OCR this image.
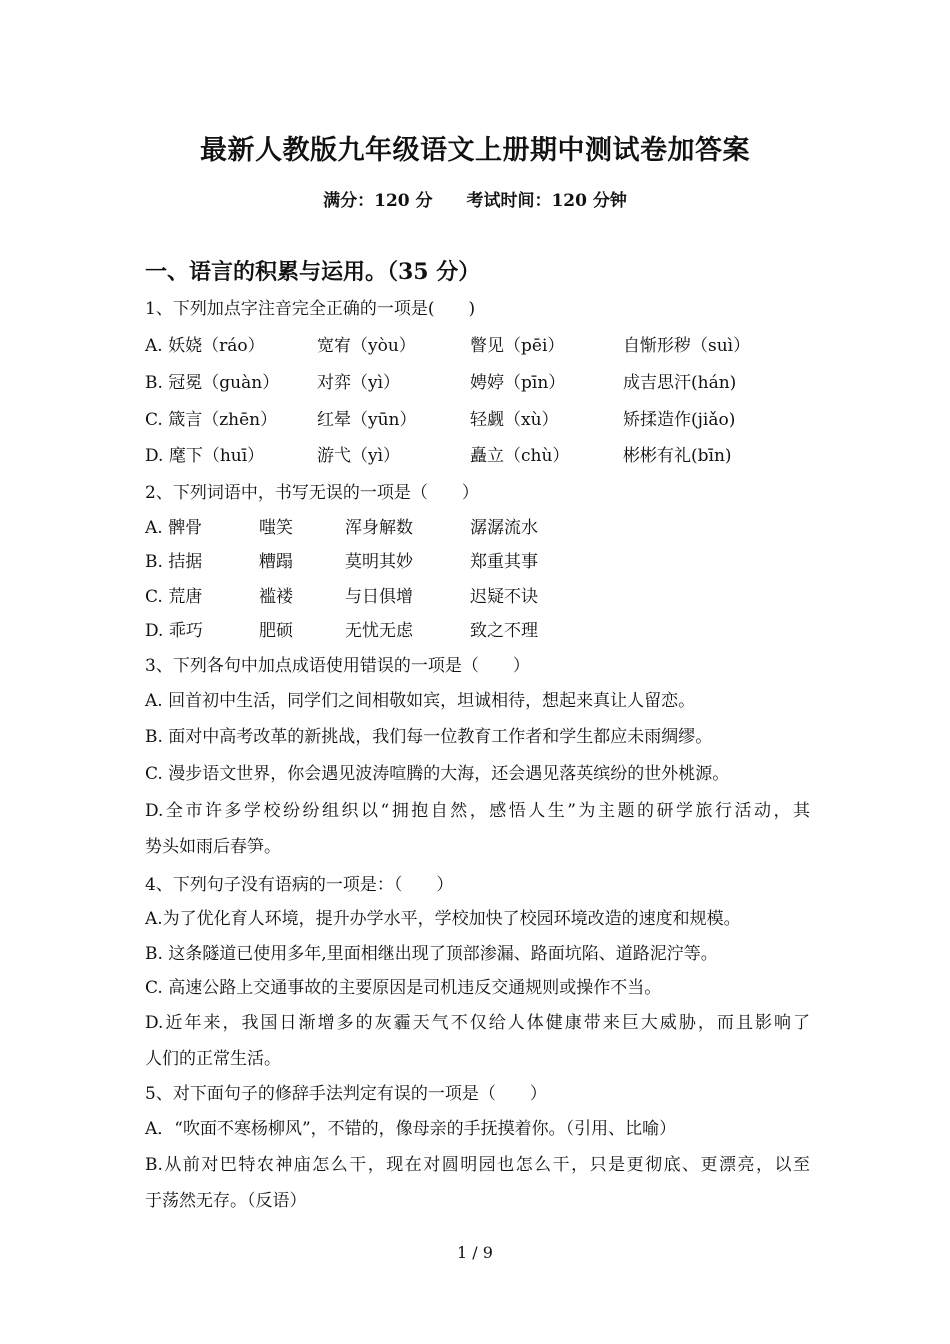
最新人教版九年级语文上册期中测试卷加答案
满分：120 分 考试时间：120 分钟
一、语言的积累与运用。（35 分）
1、下列加点字注音完全正确的一项是(　　)
A. 妖娆（ráo）	宽宥（yòu）	瞥见（pēi）	自惭形秽（suì）
B. 冠冕（guàn） 对弈（yì）	娉婷（pīn）	成吉思汗(hán)
C. 箴言（zhēn） 红晕（yūn）	轻觑（xù）	矫揉造作(jiǎo)
D. 麾下（huī）	游弋（yì）	矗立（chù）	彬彬有礼(bīn)
2、下列词语中，书写无误的一项是（　　）
A. 髀骨	嗤笑	浑身解数	潺潺流水
B. 拮据	糟蹋	莫明其妙	郑重其事
C. 荒唐	褴褛	与日俱增	迟疑不诀
D. 乖巧	肥硕	无忧无虑	致之不理
3、下列各句中加点成语使用错误的一项是（　　）
A. 回首初中生活，同学们之间相敬如宾，坦诚相待，想起来真让人留恋。
B. 面对中高考改革的新挑战，我们每一位教育工作者和学生都应未雨绸缪。
C. 漫步语文世界，你会遇见波涛喧腾的大海，还会遇见落英缤纷的世外桃源。
D.全市许多学校纷纷组织以“拥抱自然，感悟人生”为主题的研学旅行活动，其
势头如雨后春笋。
4、下列句子没有语病的一项是：（　　）
A.为了优化育人环境，提升办学水平，学校加快了校园环境改造的速度和规模。
B. 这条隧道已使用多年,里面相继出现了顶部渗漏、路面坑陷、道路泥泞等。
C. 高速公路上交通事故的主要原因是司机违反交通规则或操作不当。
D.近年来，我国日渐增多的灰霾天气不仅给人体健康带来巨大威胁，而且影响了
人们的正常生活。
5、对下面句子的修辞手法判定有误的一项是（　　）
A．“吹面不寒杨柳风”，不错的，像母亲的手抚摸着你。（引用、比喻）
B.从前对巴特农神庙怎么干，现在对圆明园也怎么干，只是更彻底、更漂亮，以至
于荡然无存。（反语）
1 / 9
